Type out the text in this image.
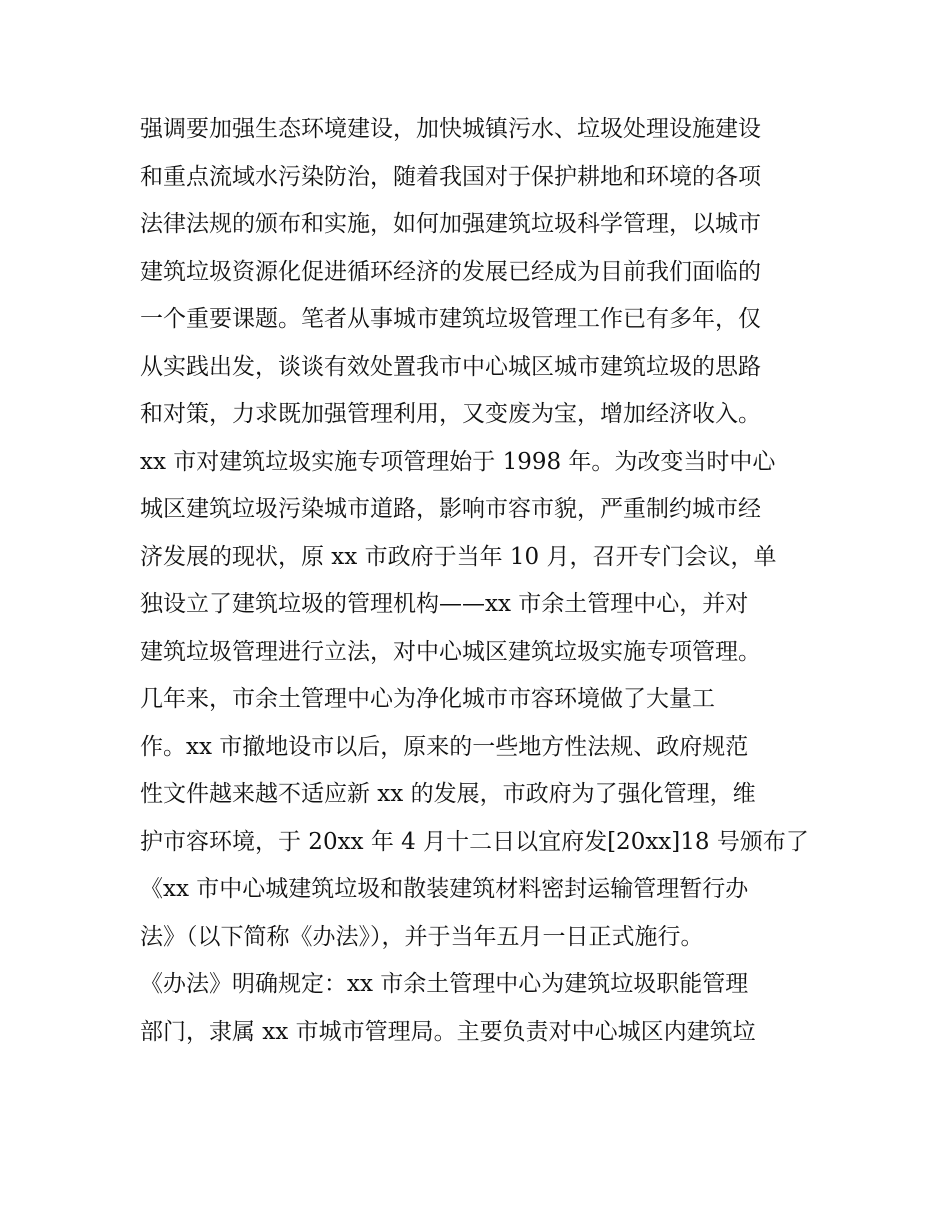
强调要加强生态环境建设，加快城镇污水、垃圾处理设施建设
和重点流域水污染防治，随着我国对于保护耕地和环境的各项
法律法规的颁布和实施，如何加强建筑垃圾科学管理，以城市
建筑垃圾资源化促进循环经济的发展已经成为目前我们面临的
一个重要课题。笔者从事城市建筑垃圾管理工作已有多年，仅
从实践出发，谈谈有效处置我市中心城区城市建筑垃圾的思路
和对策，力求既加强管理利用，又变废为宝，增加经济收入。
xx 市对建筑垃圾实施专项管理始于 1998 年。为改变当时中心
城区建筑垃圾污染城市道路，影响市容市貌，严重制约城市经
济发展的现状，原 xx 市政府于当年 10 月，召开专门会议，单
独设立了建筑垃圾的管理机构——xx 市余土管理中心，并对
建筑垃圾管理进行立法，对中心城区建筑垃圾实施专项管理。
几年来，市余土管理中心为净化城市市容环境做了大量工
作。xx 市撤地设市以后，原来的一些地方性法规、政府规范
性文件越来越不适应新 xx 的发展，市政府为了强化管理，维
护市容环境，于 20xx 年 4 月十二日以宜府发[20xx]18 号颁布了
《xx 市中心城建筑垃圾和散装建筑材料密封运输管理暂行办
法》（以下简称《办法》），并于当年五月一日正式施行。
《办法》明确规定：xx 市余土管理中心为建筑垃圾职能管理
部门，隶属 xx 市城市管理局。主要负责对中心城区内建筑垃
